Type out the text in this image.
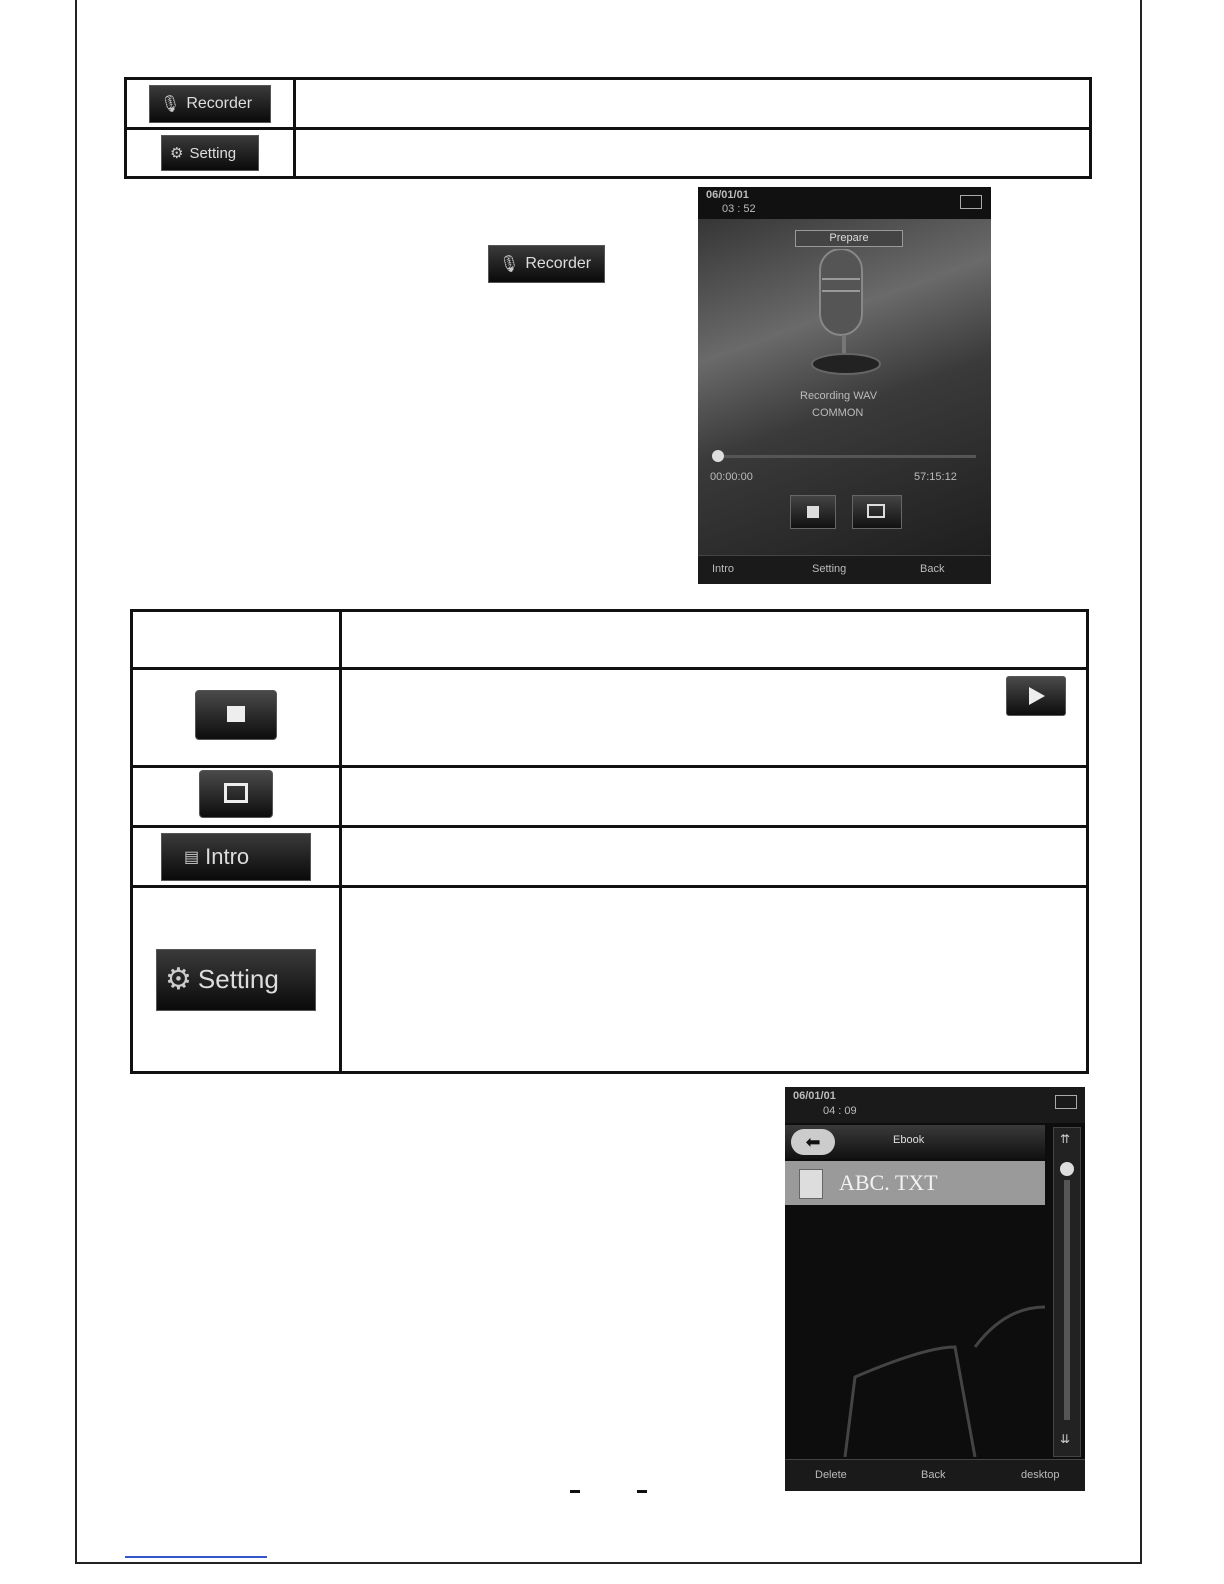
🎙 Recorder	

⚙ Setting	

🎙 Recorder
06/01/01
03 : 52
Prepare
Recording WAV
COMMON
00:00:00	57:15:12
Intro	Setting	Back

▤ Intro	

⚙ Setting	

06/01/01
04 : 09
⬅	Ebook
ABC. TXT
⇈
⇊
Delete	Back	desktop
